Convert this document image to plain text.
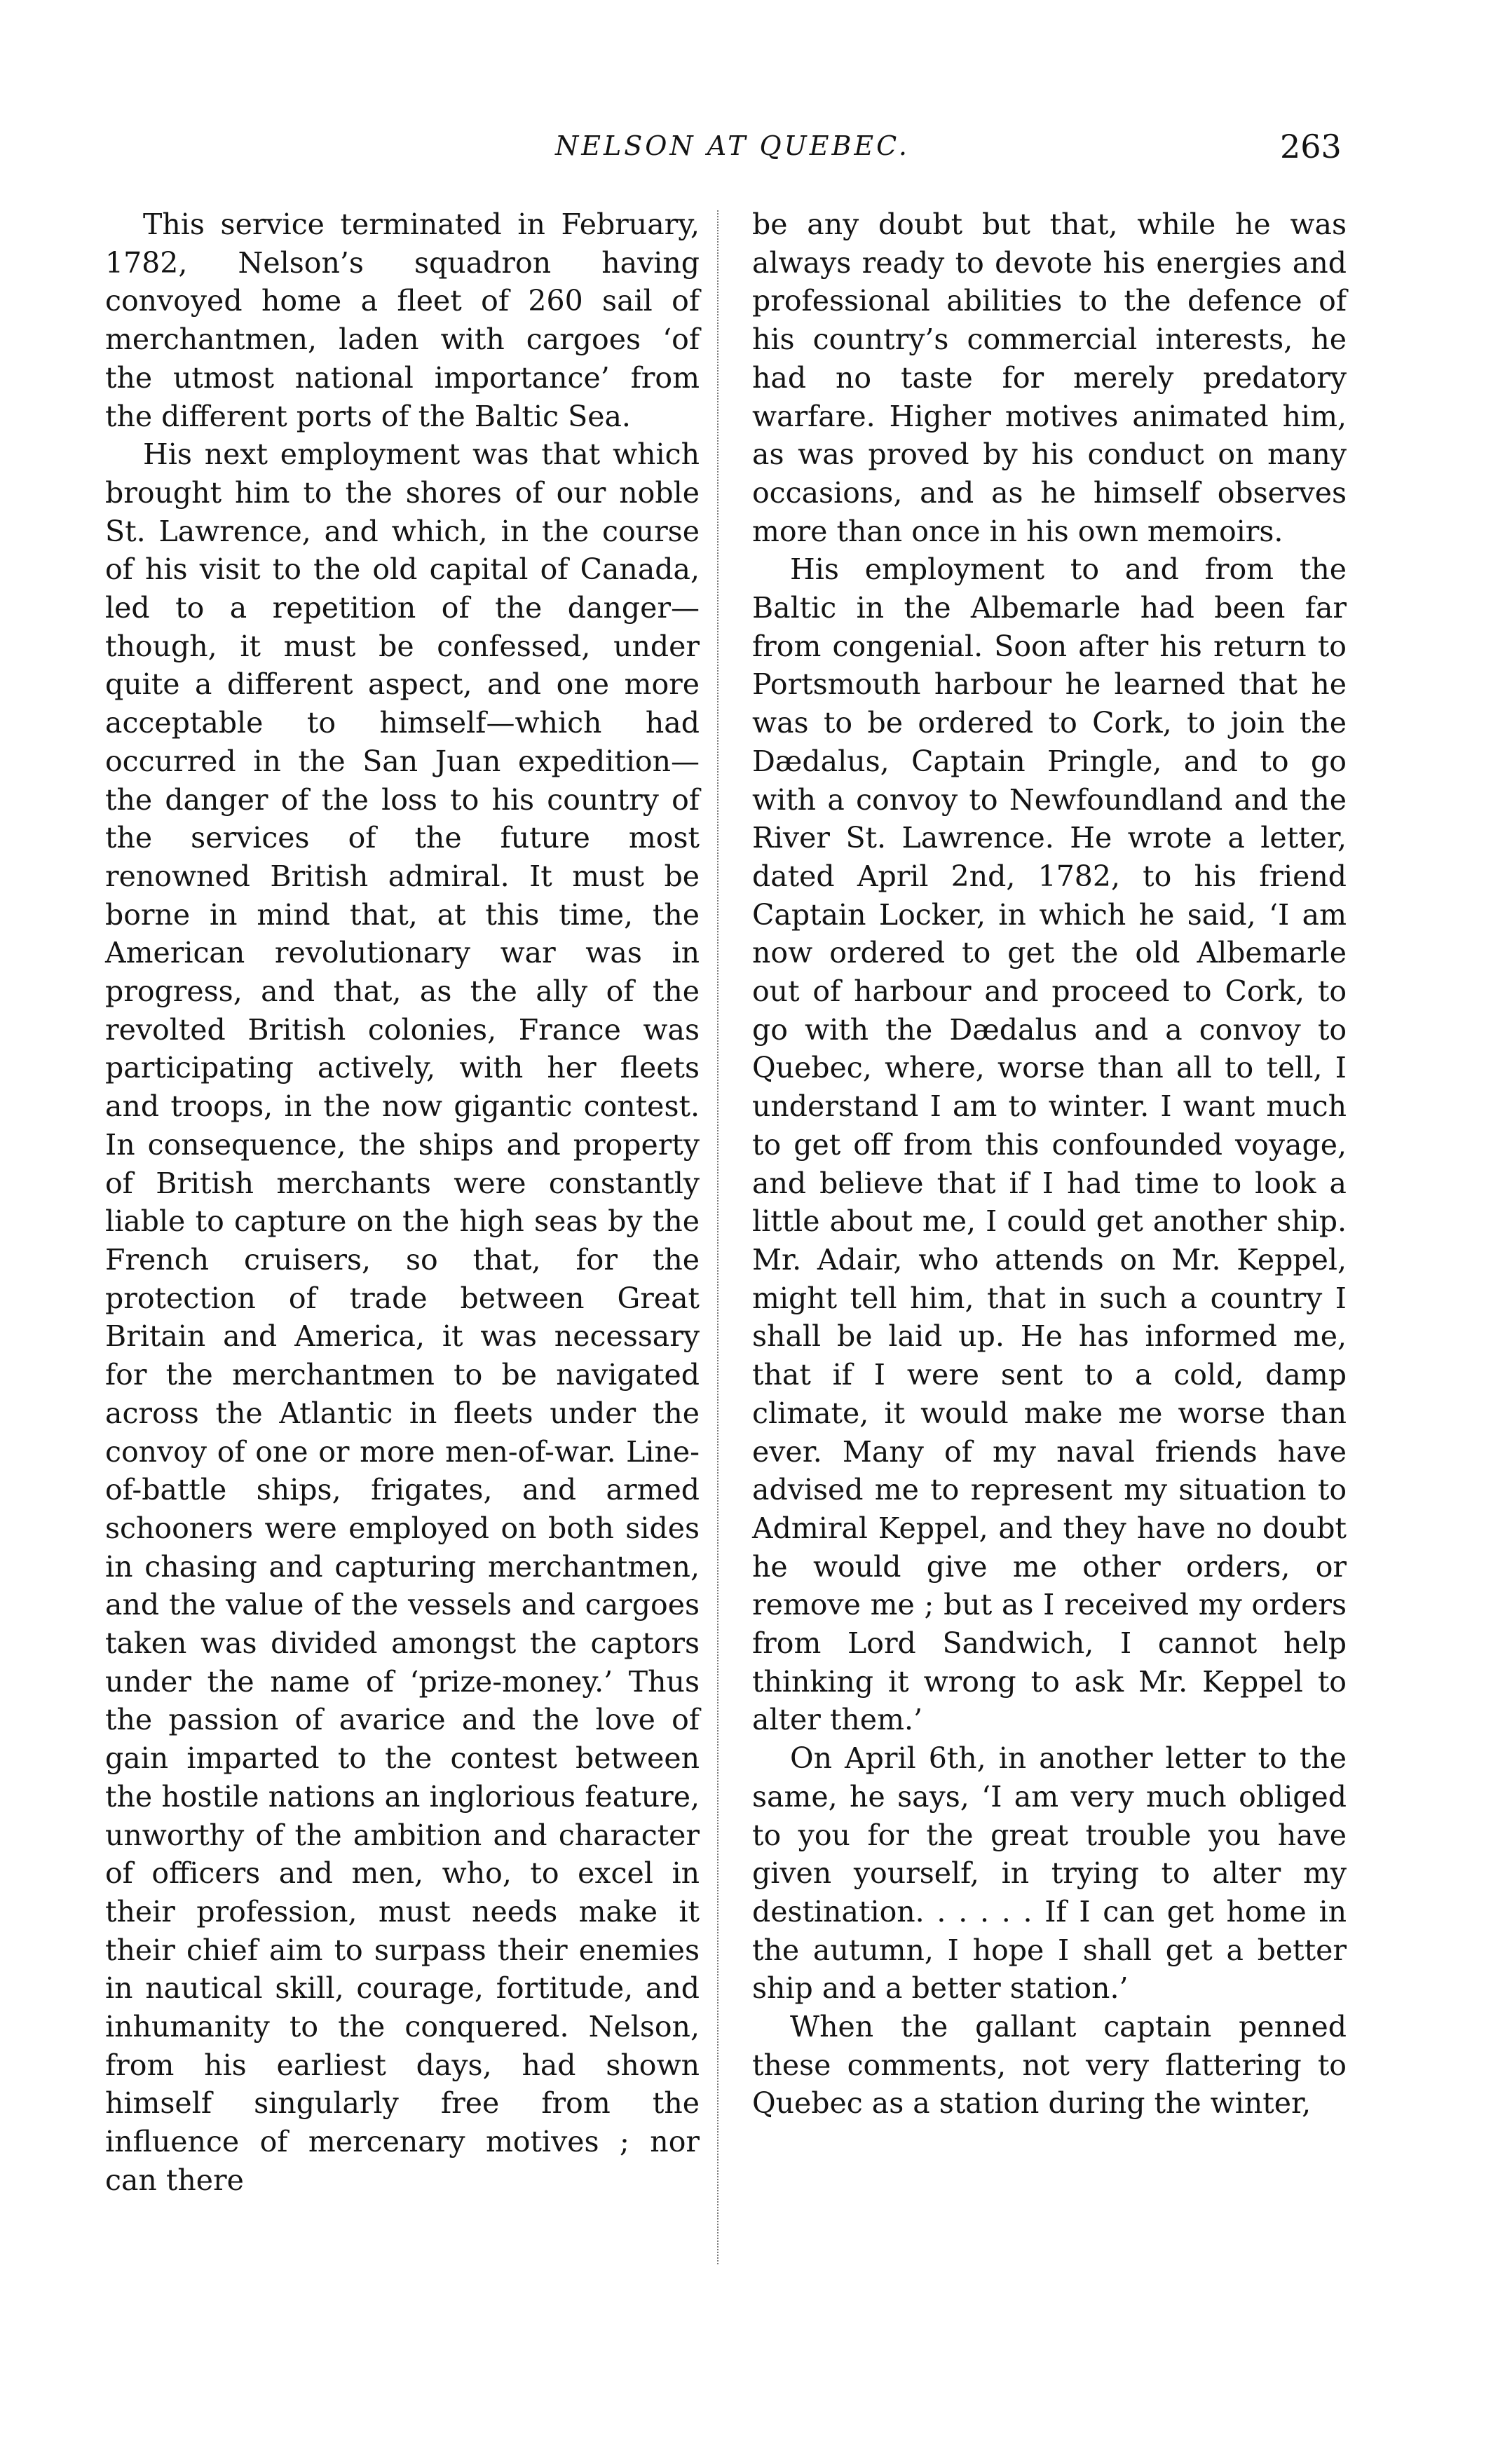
NELSON AT QUEBEC.	263

This service terminated in February, 1782, Nelson’s squadron having convoyed home a fleet of 260 sail of merchantmen, laden with cargoes ‘of the utmost national importance’ from the different ports of the Baltic Sea.

His next employment was that which brought him to the shores of our noble St. Lawrence, and which, in the course of his visit to the old capital of Canada, led to a repetition of the danger—though, it must be confessed, under quite a different aspect, and one more acceptable to himself—which had occurred in the San Juan expedition—the danger of the loss to his country of the services of the future most renowned British admiral. It must be borne in mind that, at this time, the American revolutionary war was in progress, and that, as the ally of the revolted British colonies, France was participating actively, with her fleets and troops, in the now gigantic contest. In consequence, the ships and property of British merchants were constantly liable to capture on the high seas by the French cruisers, so that, for the protection of trade between Great Britain and America, it was necessary for the merchantmen to be navigated across the Atlantic in fleets under the convoy of one or more men-of-war. Line-of-battle ships, frigates, and armed schooners were employed on both sides in chasing and capturing merchantmen, and the value of the vessels and cargoes taken was divided amongst the captors under the name of ‘prize-money.’ Thus the passion of avarice and the love of gain imparted to the contest between the hostile nations an inglorious feature, unworthy of the ambition and character of officers and men, who, to excel in their profession, must needs make it their chief aim to surpass their enemies in nautical skill, courage, fortitude, and inhumanity to the conquered. Nelson, from his earliest days, had shown himself singularly free from the influence of mercenary motives ; nor can there

be any doubt but that, while he was always ready to devote his energies and professional abilities to the defence of his country’s commercial interests, he had no taste for merely predatory warfare. Higher motives animated him, as was proved by his conduct on many occasions, and as he himself observes more than once in his own memoirs.

His employment to and from the Baltic in the Albemarle had been far from congenial. Soon after his return to Portsmouth harbour he learned that he was to be ordered to Cork, to join the Dædalus, Captain Pringle, and to go with a convoy to Newfoundland and the River St. Lawrence. He wrote a letter, dated April 2nd, 1782, to his friend Captain Locker, in which he said, ‘I am now ordered to get the old Albemarle out of harbour and proceed to Cork, to go with the Dædalus and a convoy to Quebec, where, worse than all to tell, I understand I am to winter. I want much to get off from this confounded voyage, and believe that if I had time to look a little about me, I could get another ship. Mr. Adair, who attends on Mr. Keppel, might tell him, that in such a country I shall be laid up. He has informed me, that if I were sent to a cold, damp climate, it would make me worse than ever. Many of my naval friends have advised me to represent my situation to Admiral Keppel, and they have no doubt he would give me other orders, or remove me ; but as I received my orders from Lord Sandwich, I cannot help thinking it wrong to ask Mr. Keppel to alter them.’

On April 6th, in another letter to the same, he says, ‘I am very much obliged to you for the great trouble you have given yourself, in trying to alter my destination. . . . . . If I can get home in the autumn, I hope I shall get a better ship and a better station.’

When the gallant captain penned these comments, not very flattering to Quebec as a station during the winter,
